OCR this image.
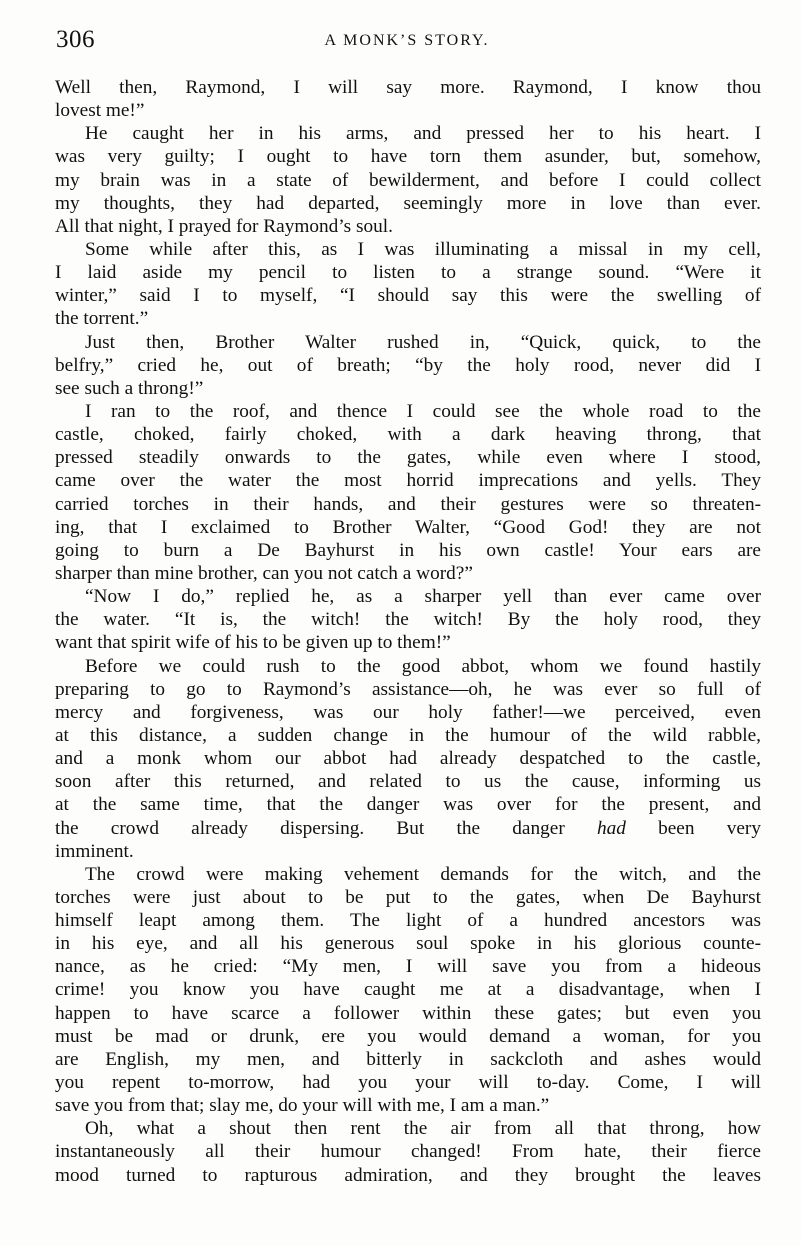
306	A MONK’S STORY.
Well then, Raymond, I will say more. Raymond, I know thou
lovest me!”
He caught her in his arms, and pressed her to his heart. I
was very guilty; I ought to have torn them asunder, but, somehow,
my brain was in a state of bewilderment, and before I could collect
my thoughts, they had departed, seemingly more in love than ever.
All that night, I prayed for Raymond’s soul.
Some while after this, as I was illuminating a missal in my cell,
I laid aside my pencil to listen to a strange sound. “Were it
winter,” said I to myself, “I should say this were the swelling of
the torrent.”
Just then, Brother Walter rushed in, “Quick, quick, to the
belfry,” cried he, out of breath; “by the holy rood, never did I
see such a throng!”
I ran to the roof, and thence I could see the whole road to the
castle, choked, fairly choked, with a dark heaving throng, that
pressed steadily onwards to the gates, while even where I stood,
came over the water the most horrid imprecations and yells. They
carried torches in their hands, and their gestures were so threaten-
ing, that I exclaimed to Brother Walter, “Good God! they are not
going to burn a De Bayhurst in his own castle! Your ears are
sharper than mine brother, can you not catch a word?”
“Now I do,” replied he, as a sharper yell than ever came over
the water. “It is, the witch! the witch! By the holy rood, they
want that spirit wife of his to be given up to them!”
Before we could rush to the good abbot, whom we found hastily
preparing to go to Raymond’s assistance—oh, he was ever so full of
mercy and forgiveness, was our holy father!—we perceived, even
at this distance, a sudden change in the humour of the wild rabble,
and a monk whom our abbot had already despatched to the castle,
soon after this returned, and related to us the cause, informing us
at the same time, that the danger was over for the present, and
the crowd already dispersing. But the danger had been very
imminent.
The crowd were making vehement demands for the witch, and the
torches were just about to be put to the gates, when De Bayhurst
himself leapt among them. The light of a hundred ancestors was
in his eye, and all his generous soul spoke in his glorious counte-
nance, as he cried: “My men, I will save you from a hideous
crime! you know you have caught me at a disadvantage, when I
happen to have scarce a follower within these gates; but even you
must be mad or drunk, ere you would demand a woman, for you
are English, my men, and bitterly in sackcloth and ashes would
you repent to-morrow, had you your will to-day. Come, I will
save you from that; slay me, do your will with me, I am a man.”
Oh, what a shout then rent the air from all that throng, how
instantaneously all their humour changed! From hate, their fierce
mood turned to rapturous admiration, and they brought the leaves
